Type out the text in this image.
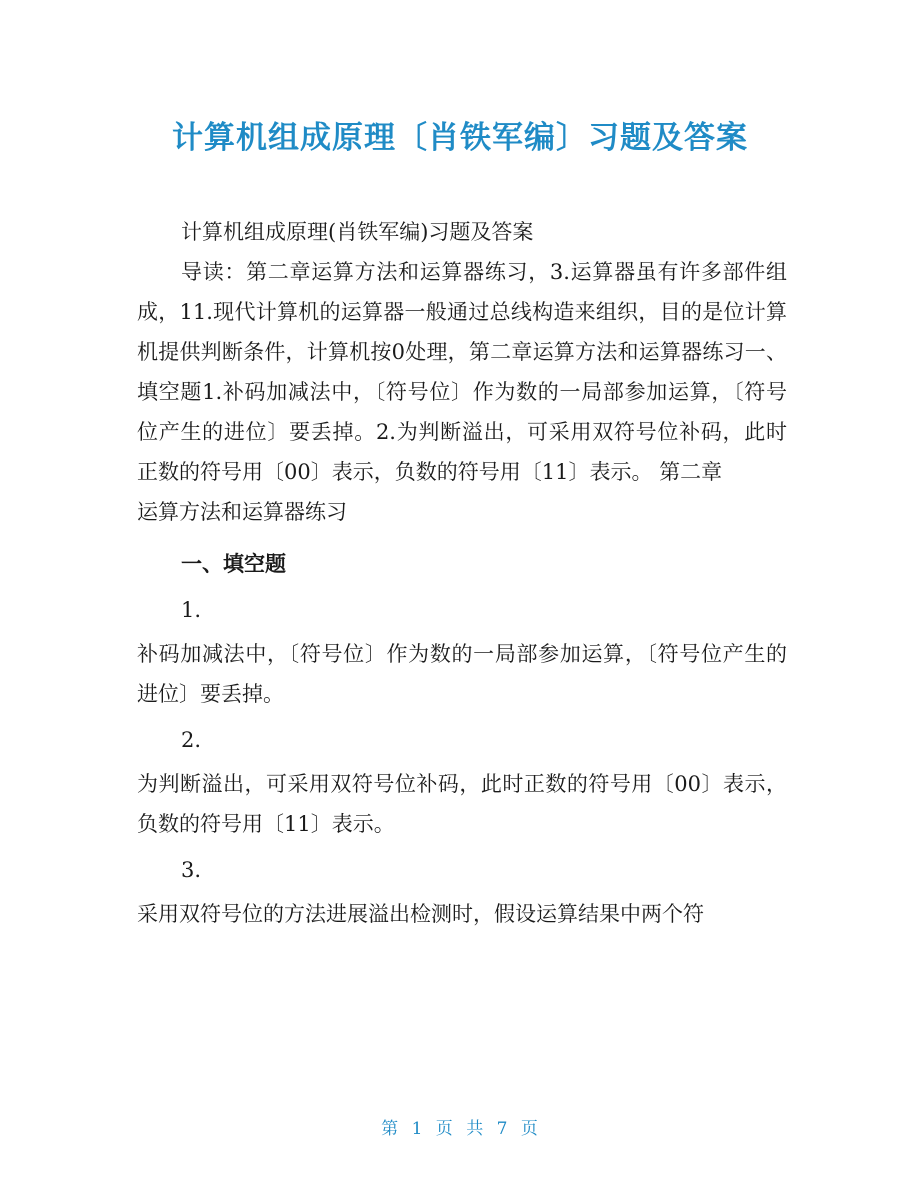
计算机组成原理〔肖铁军编〕习题及答案

计算机组成原理(肖铁军编)习题及答案

导读：第二章运算方法和运算器练习，3.运算器虽有许多部件组成，11.现代计算机的运算器一般通过总线构造来组织，目的是位计算机提供判断条件，计算机按0处理，第二章运算方法和运算器练习一、填空题1.补码加减法中，〔符号位〕作为数的一局部参加运算，〔符号位产生的进位〕要丢掉。2.为判断溢出，可采用双符号位补码，此时正数的符号用〔00〕表示，负数的符号用〔11〕表示。 第二章

运算方法和运算器练习

一、填空题

1.

补码加减法中，〔符号位〕作为数的一局部参加运算，〔符号位产生的进位〕要丢掉。

2.

为判断溢出，可采用双符号位补码，此时正数的符号用〔00〕表示，负数的符号用〔11〕表示。

3.

采用双符号位的方法进展溢出检测时，假设运算结果中两个符

第 1 页 共 7 页
